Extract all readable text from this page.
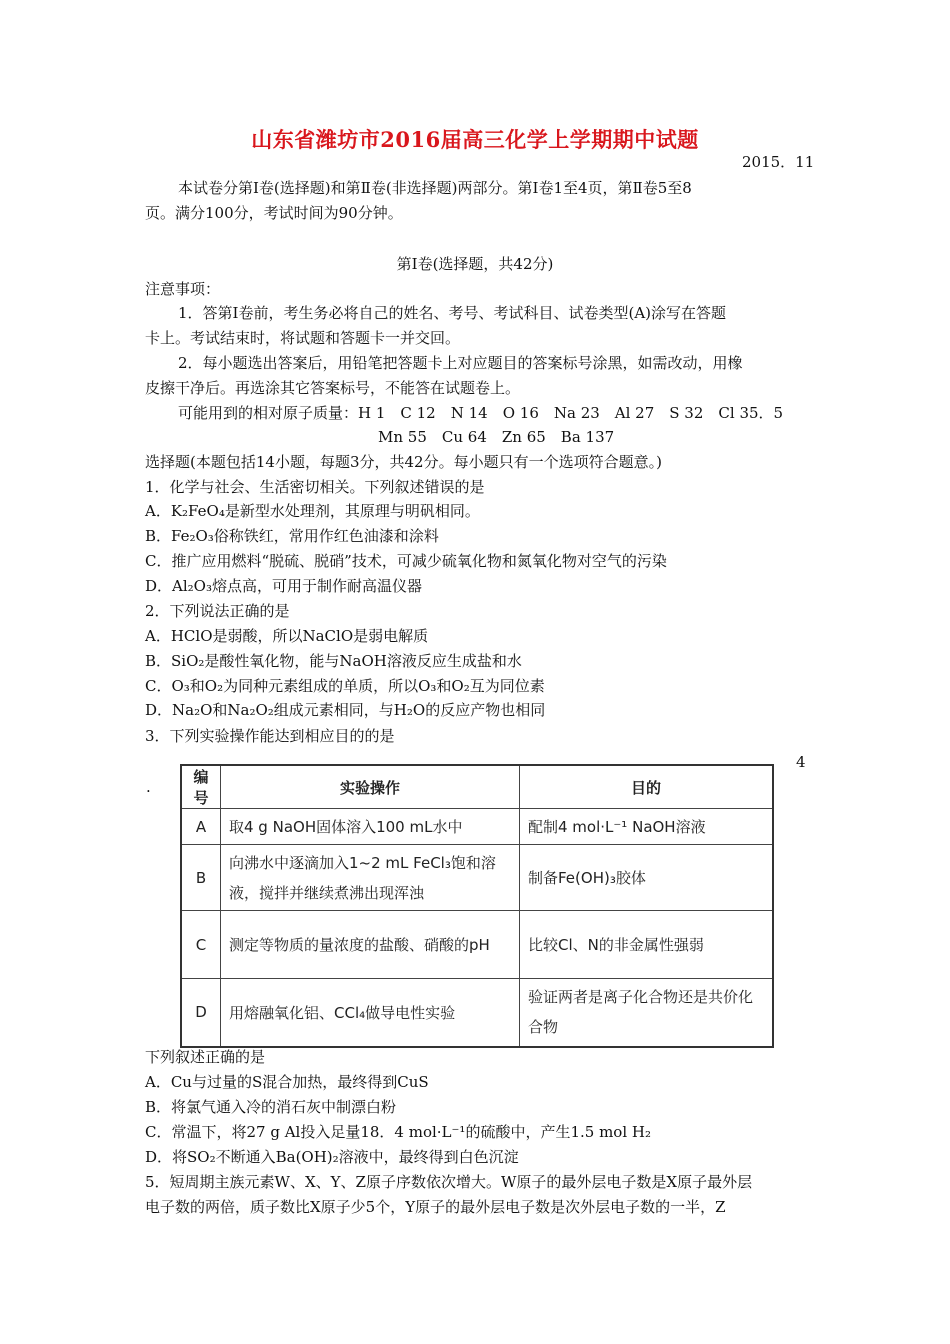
山东省潍坊市2016届高三化学上学期期中试题
2015．11
本试卷分第Ⅰ卷(选择题)和第Ⅱ卷(非选择题)两部分。第Ⅰ卷1至4页，第Ⅱ卷5至8
页。满分100分，考试时间为90分钟。
第Ⅰ卷(选择题，共42分)
注意事项：
1．答第Ⅰ卷前，考生务必将自己的姓名、考号、考试科目、试卷类型(A)涂写在答题
卡上。考试结束时，将试题和答题卡一并交回。
2．每小题选出答案后，用铅笔把答题卡上对应题目的答案标号涂黑，如需改动，用橡
皮擦干净后。再选涂其它答案标号，不能答在试题卷上。
可能用到的相对原子质量：H 1　C 12　N 14　O 16　Na 23　Al 27　S 32　Cl 35．5
Mn 55　Cu 64　Zn 65　Ba 137
选择题(本题包括14小题，每题3分，共42分。每小题只有一个选项符合题意。)
1．化学与社会、生活密切相关。下列叙述错误的是
A．K₂FeO₄是新型水处理剂，其原理与明矾相同。
B．Fe₂O₃俗称铁红，常用作红色油漆和涂料
C．推广应用燃料“脱硫、脱硝”技术，可减少硫氧化物和氮氧化物对空气的污染
D．Al₂O₃熔点高，可用于制作耐高温仪器
2．下列说法正确的是
A．HClO是弱酸，所以NaClO是弱电解质
B．SiO₂是酸性氧化物，能与NaOH溶液反应生成盐和水
C．O₃和O₂为同种元素组成的单质，所以O₃和O₂互为同位素
D．Na₂O和Na₂O₂组成元素相同，与H₂O的反应产物也相同
3．下列实验操作能达到相应目的的是
4
.
编号	实验操作	目的
A	取4 g NaOH固体溶入100 mL水中	配制4 mol·L⁻¹ NaOH溶液
B	向沸水中逐滴加入1~2 mL FeCl₃饱和溶液，搅拌并继续煮沸出现浑浊	制备Fe(OH)₃胶体
C	测定等物质的量浓度的盐酸、硝酸的pH	比较Cl、N的非金属性强弱
D	用熔融氧化铝、CCl₄做导电性实验	验证两者是离子化合物还是共价化合物
下列叙述正确的是
A．Cu与过量的S混合加热，最终得到CuS
B．将氯气通入冷的消石灰中制漂白粉
C．常温下，将27 g Al投入足量18．4 mol·L⁻¹的硫酸中，产生1.5 mol H₂
D．将SO₂不断通入Ba(OH)₂溶液中，最终得到白色沉淀
5．短周期主族元素W、X、Y、Z原子序数依次增大。W原子的最外层电子数是X原子最外层
电子数的两倍，质子数比X原子少5个，Y原子的最外层电子数是次外层电子数的一半，Z
